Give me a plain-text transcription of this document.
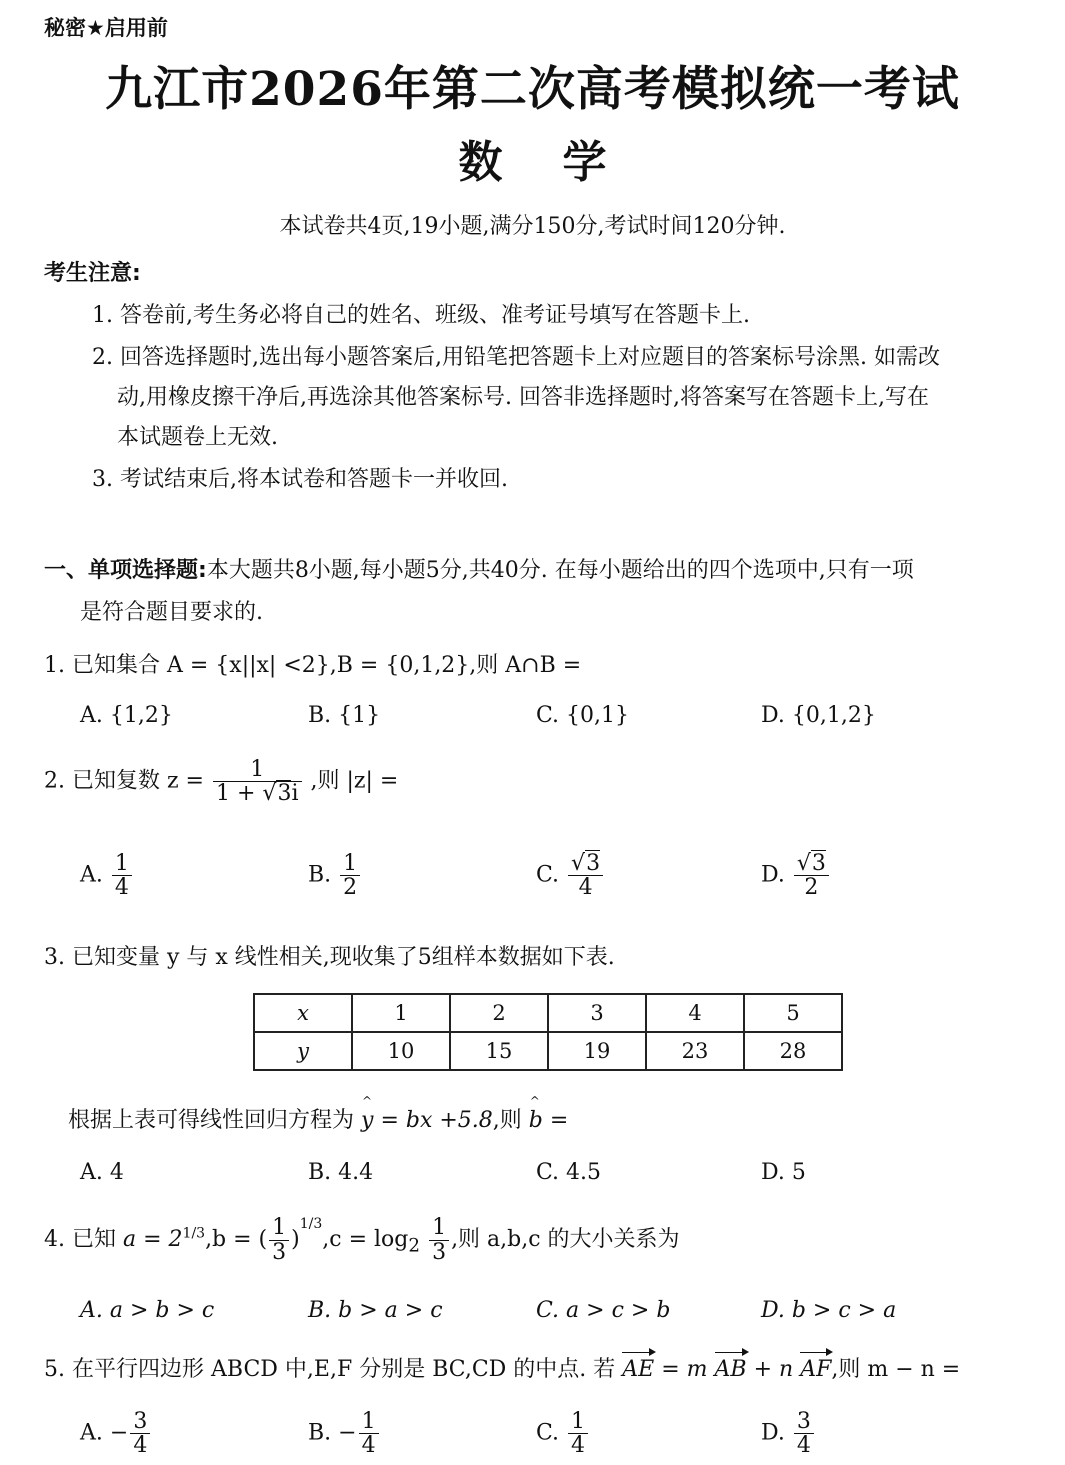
秘密★启用前
九江市2026年第二次高考模拟统一考试
数学
本试卷共4页,19小题,满分150分,考试时间120分钟.
考生注意:
1. 答卷前,考生务必将自己的姓名、班级、准考证号填写在答题卡上.
2. 回答选择题时,选出每小题答案后,用铅笔把答题卡上对应题目的答案标号涂黑. 如需改
动,用橡皮擦干净后,再选涂其他答案标号. 回答非选择题时,将答案写在答题卡上,写在
本试题卷上无效.
3. 考试结束后,将本试卷和答题卡一并收回.
一、单项选择题:本大题共8小题,每小题5分,共40分. 在每小题给出的四个选项中,只有一项
是符合题目要求的.
1. 已知集合 A = {x||x| <2},B = {0,1,2},则 A∩B =
A. {1,2}	B. {1}	C. {0,1}	D. {0,1,2}
2. 已知复数 $z = \frac{1}{1 + √3i}$ ,则 |z| =
A. $\frac{1}{4}$	B. $\frac{1}{2}$	C. $\frac{√3}{4}$	D. $\frac{√3}{2}$
3. 已知变量 y 与 x 线性相关,现收集了5组样本数据如下表.
x	1	2	3	4	5
y	10	15	19	23	28
根据上表可得线性回归方程为 ^ y = bx +5.8,则 ^ b =
A. 4	B. 4.4	C. 4.5	D. 5
4. 已知 $a = 2^{1/3},b$ = ( $\frac{1}{3} )^{1/3},c = \log_2 \frac{1}{3}$ ,则 a,b,c 的大小关系为
A. a > b > c	B. b > a > c	C. a > c > b	D. b > c > a
5. 在平行四边形 ABCD 中,E,F 分别是 BC,CD 的中点. 若 AE = m AB + n AF,则 m − n =
A. − $\frac{3}{4}$	B. − $\frac{1}{4}$	C. $\frac{1}{4}$	D. $\frac{3}{4}$
